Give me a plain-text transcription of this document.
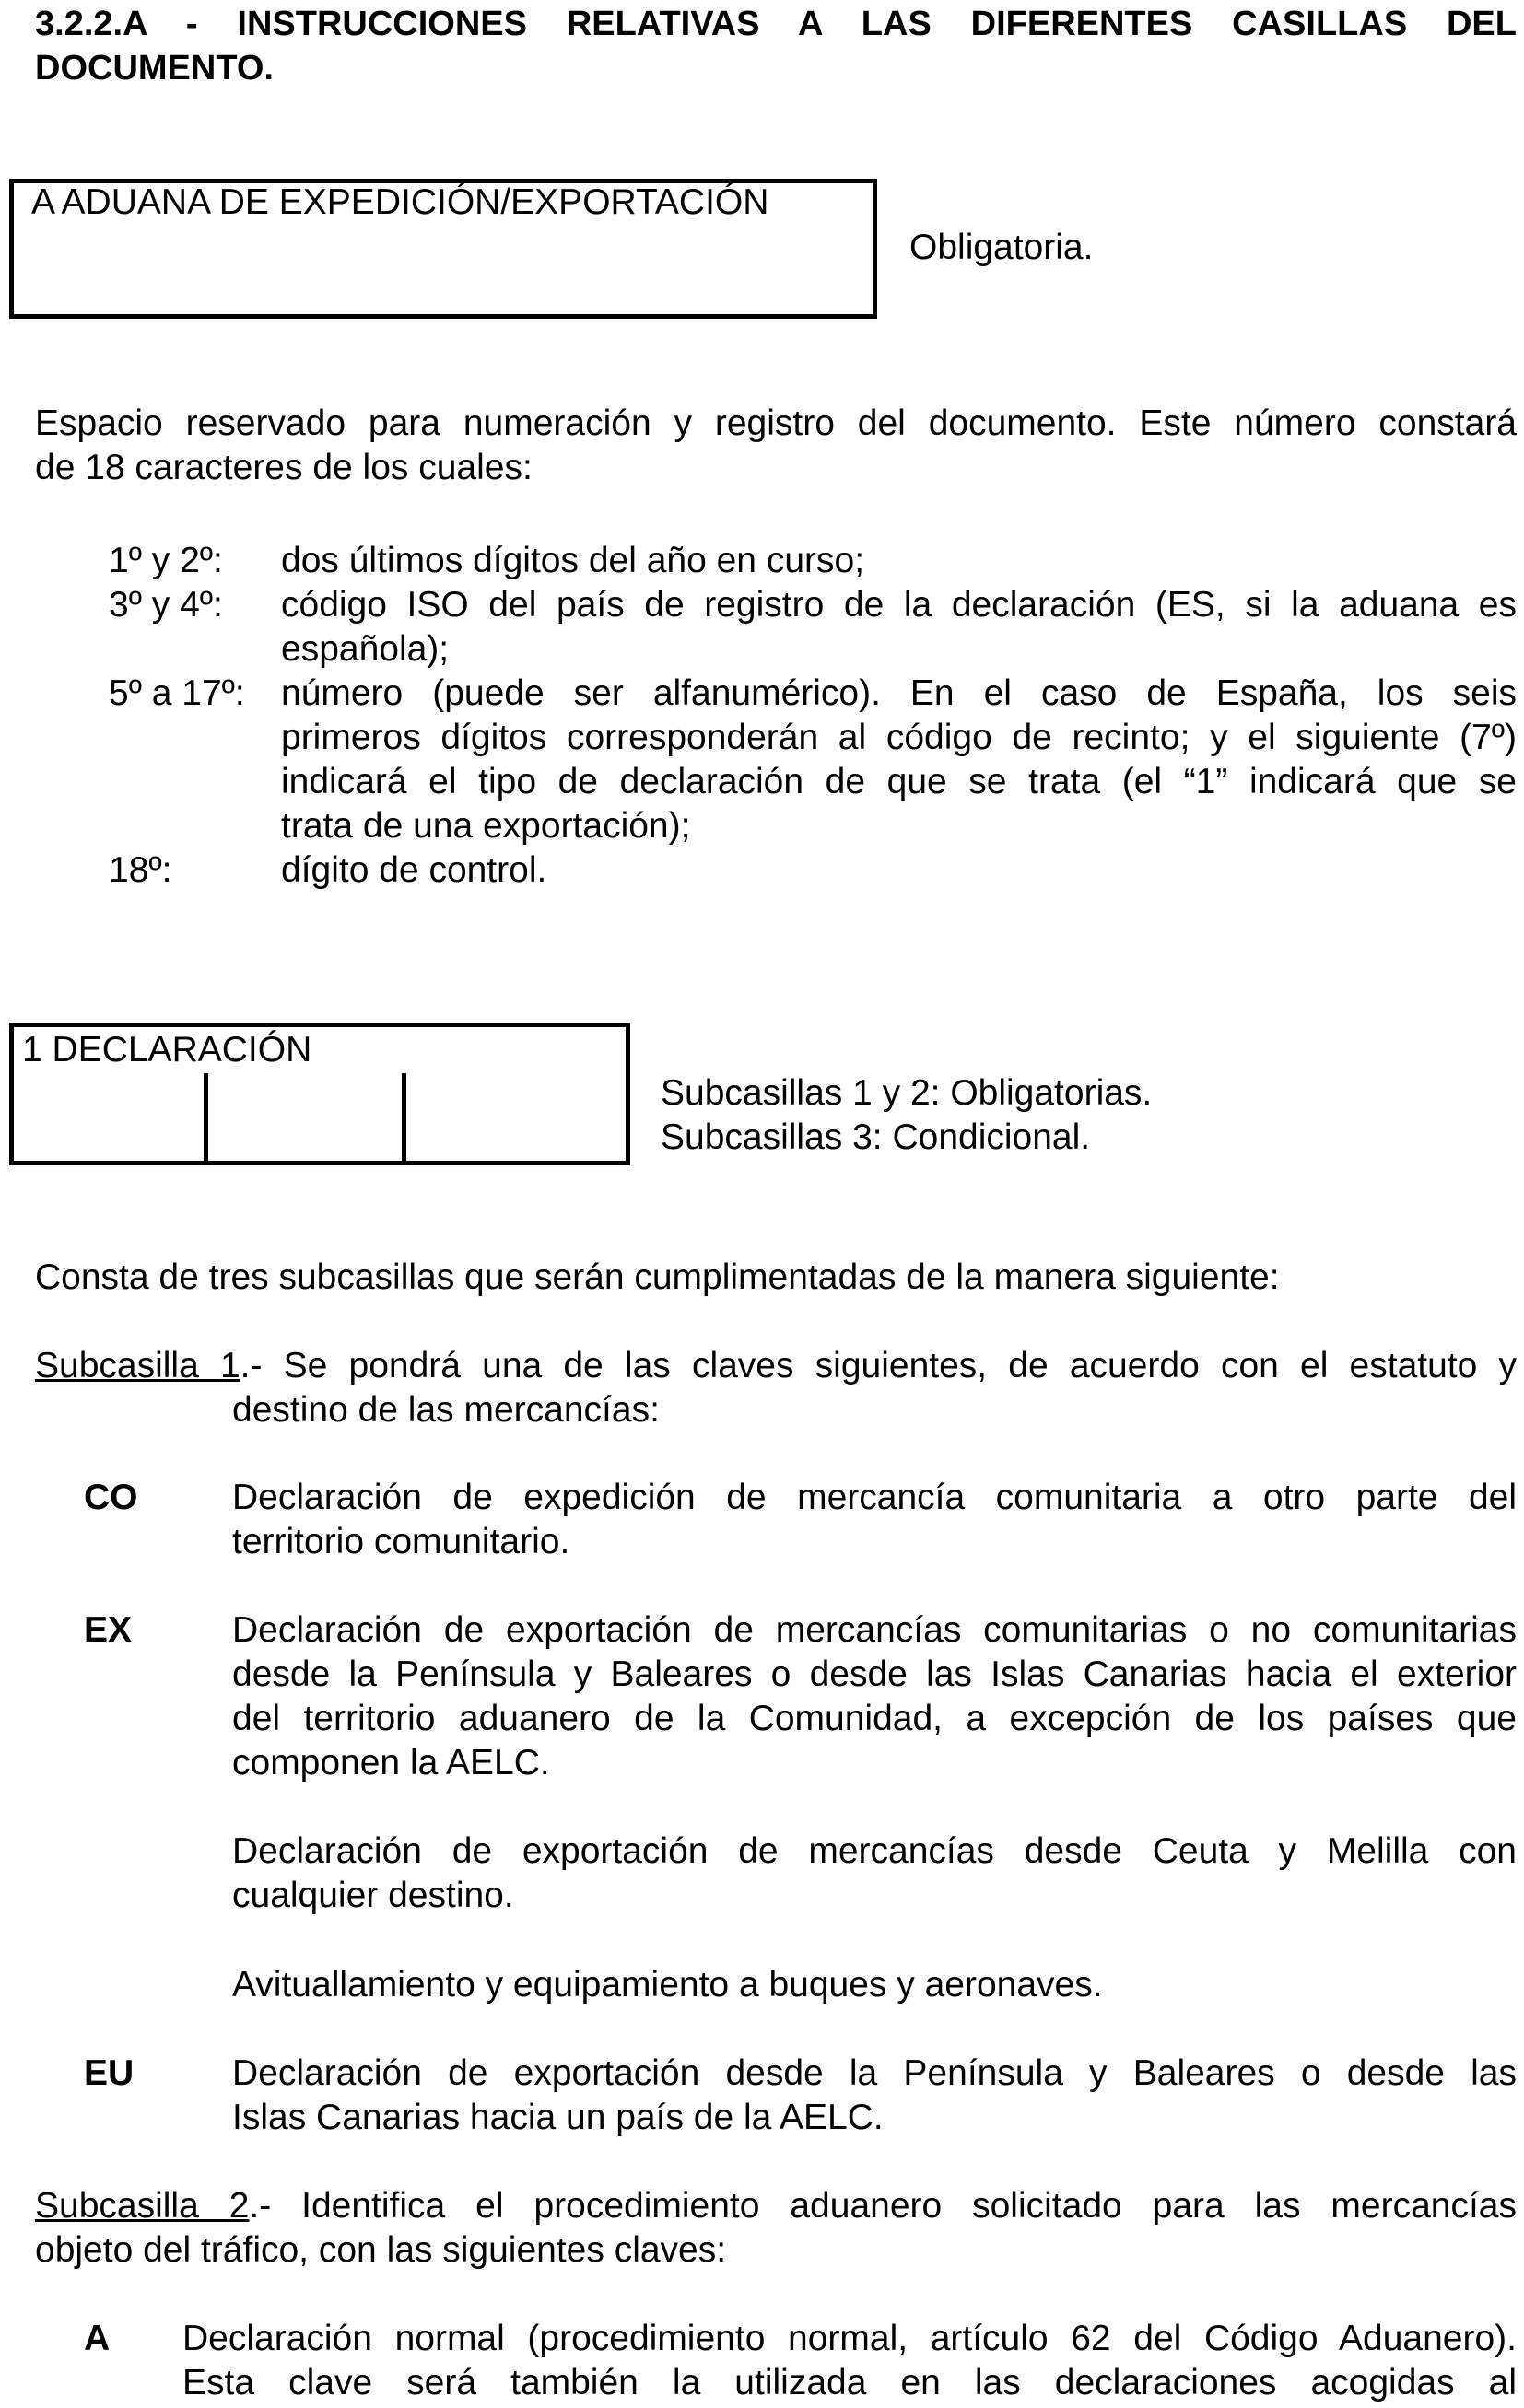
3.2.2.A - INSTRUCCIONES RELATIVAS A LAS DIFERENTES CASILLAS DEL
DOCUMENTO.
A ADUANA DE EXPEDICIÓN/EXPORTACIÓN
Obligatoria.
Espacio reservado para numeración y registro del documento. Este número constará
de 18 caracteres de los cuales:
1º y 2º: dos últimos dígitos del año en curso;
3º y 4º: código ISO del país de registro de la declaración (ES, si la aduana es
española);
5º a 17º: número (puede ser alfanumérico). En el caso de España, los seis
primeros dígitos corresponderán al código de recinto; y el siguiente (7º)
indicará el tipo de declaración de que se trata (el “1” indicará que se
trata de una exportación);
18º:	dígito de control.
1 DECLARACIÓN
Subcasillas 1 y 2: Obligatorias.
Subcasillas 3: Condicional.
Consta de tres subcasillas que serán cumplimentadas de la manera siguiente:
Subcasilla 1.- Se pondrá una de las claves siguientes, de acuerdo con el estatuto y
destino de las mercancías:
CO	Declaración de expedición de mercancía comunitaria a otro parte del
territorio comunitario.
EX	Declaración de exportación de mercancías comunitarias o no comunitarias
desde la Península y Baleares o desde las Islas Canarias hacia el exterior
del territorio aduanero de la Comunidad, a excepción de los países que
componen la AELC.
Declaración de exportación de mercancías desde Ceuta y Melilla con
cualquier destino.
Avituallamiento y equipamiento a buques y aeronaves.
EU	Declaración de exportación desde la Península y Baleares o desde las
Islas Canarias hacia un país de la AELC.
Subcasilla 2.- Identifica el procedimiento aduanero solicitado para las mercancías
objeto del tráfico, con las siguientes claves:
A Declaración normal (procedimiento normal, artículo 62 del Código Aduanero).
Esta clave será también la utilizada en las declaraciones acogidas al
